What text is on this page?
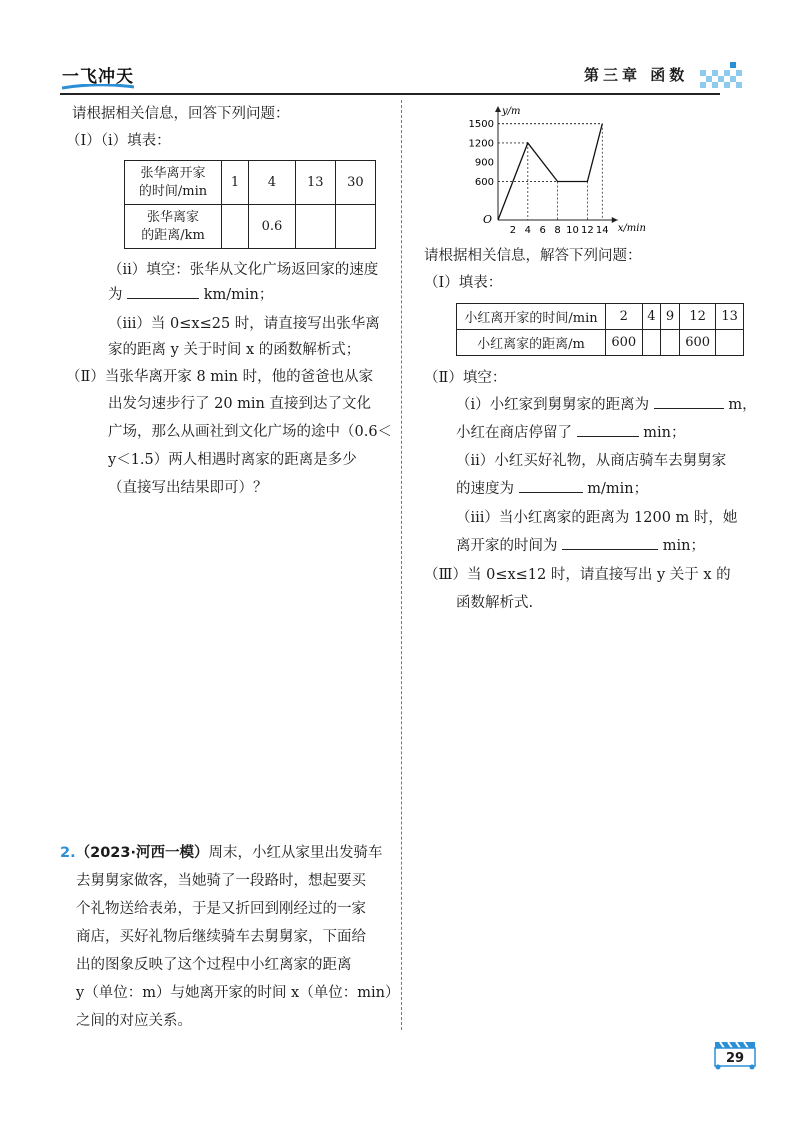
一飞冲天	第三章 函数
请根据相关信息，回答下列问题：
（Ⅰ）（ⅰ）填表：
张华离开家
的时间/min	1	4	13	30
张华离家
的距离/km		0.6		
（ⅱ）填空：张华从文化广场返回家的速度
为	km/min；
（ⅲ）当 0≤x≤25 时，请直接写出张华离
家的距离 y 关于时间 x 的函数解析式；
（Ⅱ）当张华离开家 8 min 时，他的爸爸也从家
出发匀速步行了 20 min 直接到达了文化
广场，那么从画社到文化广场的途中（0.6＜
y＜1.5）两人相遇时离家的距离是多少
（直接写出结果即可）？
2.（2023·河西一模）周末，小红从家里出发骑车
去舅舅家做客，当她骑了一段路时，想起要买
个礼物送给表弟，于是又折回到刚经过的一家
商店，买好礼物后继续骑车去舅舅家，下面给
出的图象反映了这个过程中小红离家的距离
y（单位：m）与她离开家的时间 x（单位：min）
之间的对应关系。
2 4 6 8 10 12 14
600
900
1200
1500
O
y/m
x/min
请根据相关信息，解答下列问题：
（Ⅰ）填表：
小红离开家的时间/min	2	4	9	12	13
小红离家的距离/m	600			600	
（Ⅱ）填空：
（ⅰ）小红家到舅舅家的距离为	m，
小红在商店停留了	min；
（ⅱ）小红买好礼物，从商店骑车去舅舅家
的速度为	m/min；
（ⅲ）当小红离家的距离为 1200 m 时，她
离开家的时间为	min；
（Ⅲ）当 0≤x≤12 时，请直接写出 y 关于 x 的
函数解析式.
29
